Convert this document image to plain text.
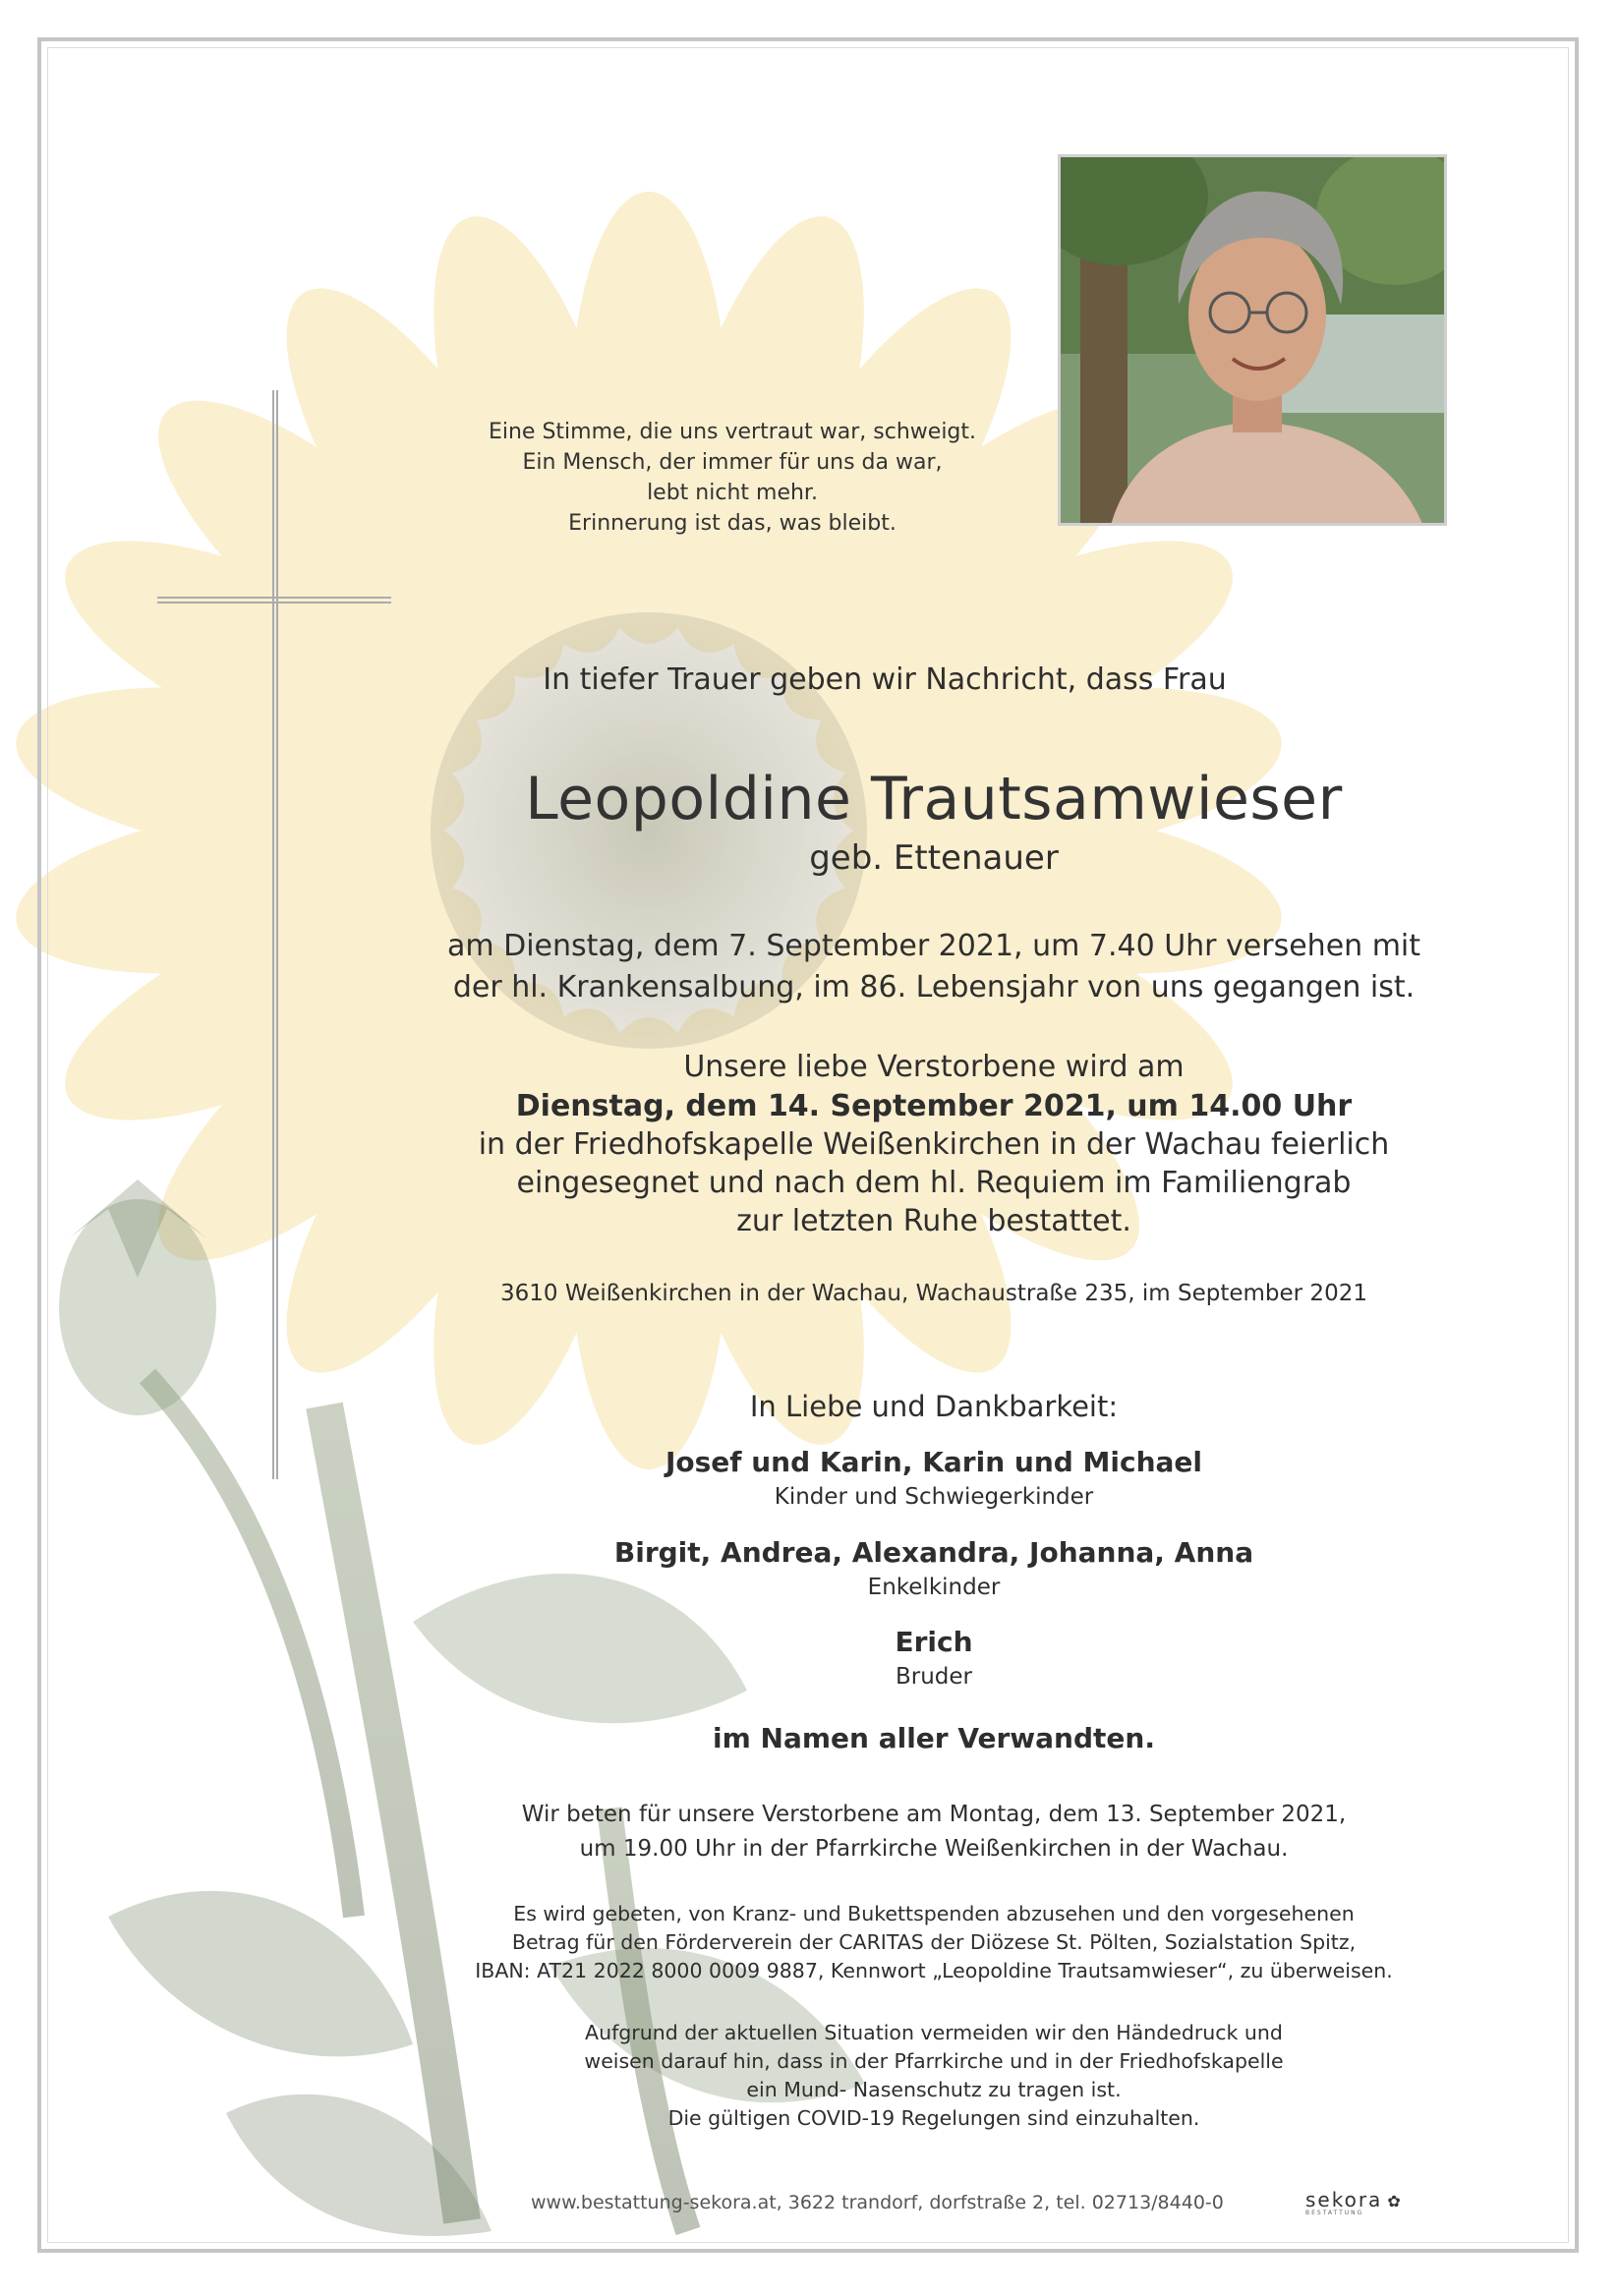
Eine Stimme, die uns vertraut war, schweigt.
Ein Mensch, der immer für uns da war,
lebt nicht mehr.
Erinnerung ist das, was bleibt.
In tiefer Trauer geben wir Nachricht, dass Frau
Leopoldine Trautsamwieser
geb. Ettenauer
am Dienstag, dem 7. September 2021, um 7.40 Uhr versehen mit
der hl. Krankensalbung, im 86. Lebensjahr von uns gegangen ist.
Unsere liebe Verstorbene wird am
Dienstag, dem 14. September 2021, um 14.00 Uhr
in der Friedhofskapelle Weißenkirchen in der Wachau feierlich
eingesegnet und nach dem hl. Requiem im Familiengrab
zur letzten Ruhe bestattet.
3610 Weißenkirchen in der Wachau, Wachaustraße 235, im September 2021
In Liebe und Dankbarkeit:
Josef und Karin, Karin und Michael
Kinder und Schwiegerkinder
Birgit, Andrea, Alexandra, Johanna, Anna
Enkelkinder
Erich
Bruder
im Namen aller Verwandten.
Wir beten für unsere Verstorbene am Montag, dem 13. September 2021,
um 19.00 Uhr in der Pfarrkirche Weißenkirchen in der Wachau.
Es wird gebeten, von Kranz- und Bukettspenden abzusehen und den vorgesehenen
Betrag für den Förderverein der CARITAS der Diözese St. Pölten, Sozialstation Spitz,
IBAN: AT21 2022 8000 0009 9887, Kennwort „Leopoldine Trautsamwieser“, zu überweisen.
Aufgrund der aktuellen Situation vermeiden wir den Händedruck und
weisen darauf hin, dass in der Pfarrkirche und in der Friedhofskapelle
ein Mund- Nasenschutz zu tragen ist.
Die gültigen COVID-19 Regelungen sind einzuhalten.
www.bestattung-sekora.at, 3622 trandorf, dorfstraße 2, tel. 02713/8440-0	sekora ✿
BESTATTUNG
